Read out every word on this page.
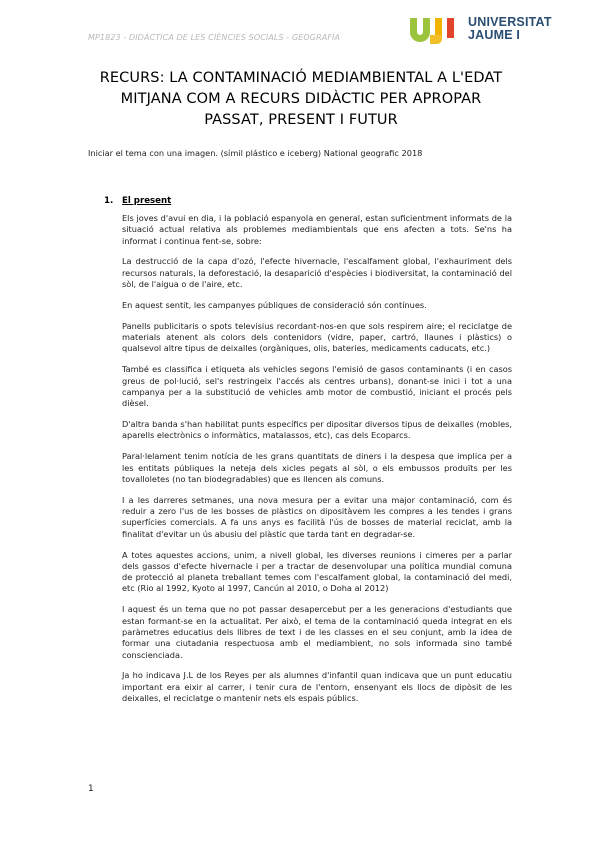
MP1823 - DIDÀCTICA DE LES CIÈNCIES SOCIALS - GEOGRAFÍA
UNIVERSITAT
JAUME I
RECURS: LA CONTAMINACIÓ MEDIAMBIENTAL A L'EDAT MITJANA COM A RECURS DIDÀCTIC PER APROPAR PASSAT, PRESENT I FUTUR
Iniciar el tema con una imagen. (símil plástico e iceberg) National geografic 2018
1. El present

Els joves d'avui en dia, i la població espanyola en general, estan suficientment informats de la situació actual relativa als problemes mediambientals que ens afecten a tots. Se'ns ha informat i continua fent-se, sobre:

La destrucció de la capa d'ozó, l'efecte hivernacle, l'escalfament global, l'exhauriment dels recursos naturals, la deforestació, la desaparició d'espècies i biodiversitat, la contaminació del sòl, de l'aigua o de l'aire, etc.

En aquest sentit, les campanyes públiques de consideració són contínues.

Panells publicitaris o spots televisius recordant-nos-en que sols respirem aire; el reciclatge de materials atenent als colors dels contenidors (vidre, paper, cartró, llaunes i plàstics) o qualsevol altre tipus de deixalles (orgàniques, olis, bateries, medicaments caducats, etc.)

També es classifica i etiqueta als vehicles segons l'emisió de gasos contaminants (i en casos greus de pol·lució, sel's restringeix l'accés als centres urbans), donant-se inici i tot a una campanya per a la substitució de vehicles amb motor de combustió, iniciant el procés pels dièsel.

D'altra banda s'han habilitat punts específics per dipositar diversos tipus de deixalles (mobles, aparells electrònics o informàtics, matalassos, etc), cas dels Ecoparcs.

Paral·lelament tenim notícia de les grans quantitats de diners i la despesa que implica per a les entitats públiques la neteja dels xicles pegats al sòl, o els embussos produïts per les tovalloletes (no tan biodegradables) que es llencen als comuns.

I a les darreres setmanes, una nova mesura per a evitar una major contaminació, com és reduir a zero l'us de les bosses de plàstics on dipositàvem les compres a les tendes i grans superfícies comercials. A fa uns anys es facilità l'ús de bosses de material reciclat, amb la finalitat d'evitar un ús abusiu del plàstic que tarda tant en degradar-se.

A totes aquestes accions, unim, a nivell global, les diverses reunions i cimeres per a parlar dels gassos d'efecte hivernacle i per a tractar de desenvolupar una política mundial comuna de protecció al planeta treballant temes com l'escalfament global, la contaminació del medi, etc (Rio al 1992, Kyoto al 1997, Cancún al 2010, o Doha al 2012)

I aquest és un tema que no pot passar desapercebut per a les generacions d'estudiants que estan formant-se en la actualitat. Per això, el tema de la contaminació queda integrat en els paràmetres educatius dels llibres de text i de les classes en el seu conjunt, amb la idea de formar una ciutadania respectuosa amb el mediambient, no sols informada sino també conscienciada.

Ja ho indicava J.L de los Reyes per als alumnes d'infantil quan indicava que un punt educatiu important era eixir al carrer, i tenir cura de l'entorn, ensenyant els llocs de dipòsit de les deixalles, el reciclatge o mantenir nets els espais públics.

1
